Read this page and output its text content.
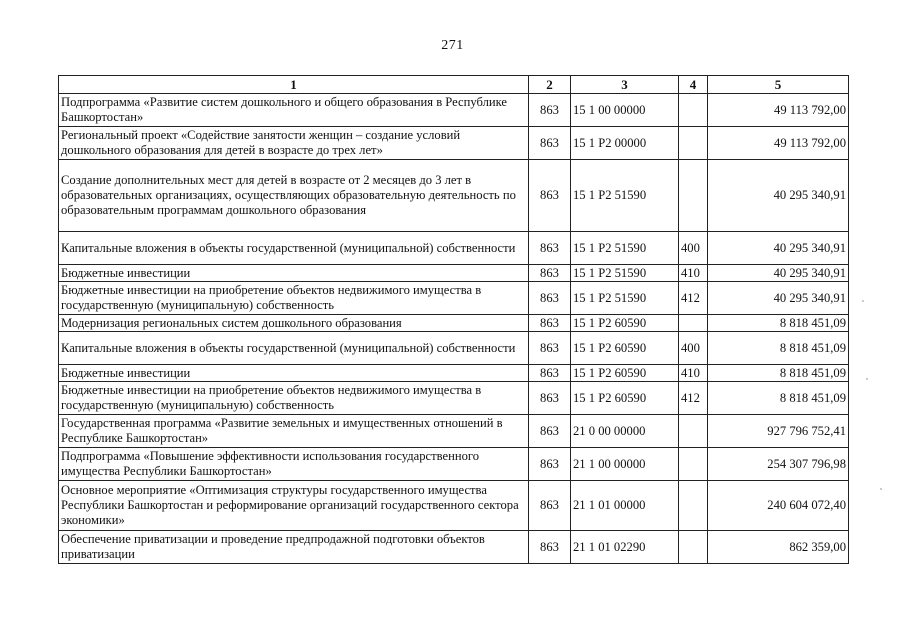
271
1	2	3	4	5
Подпрограмма «Развитие систем дошкольного и общего образования в Республике Башкортостан»	863	15 1 00 00000		49 113 792,00
Региональный проект «Содействие занятости женщин – создание условий дошкольного образования для детей в возрасте до трех лет»	863	15 1 P2 00000		49 113 792,00
Создание дополнительных мест для детей в возрасте от 2 месяцев до 3 лет в образовательных организациях, осуществляющих образовательную деятельность по образовательным программам дошкольного образования	863	15 1 P2 51590		40 295 340,91
Капитальные вложения в объекты государственной (муниципальной) собственности	863	15 1 P2 51590	400	40 295 340,91
Бюджетные инвестиции	863	15 1 P2 51590	410	40 295 340,91
Бюджетные инвестиции на приобретение объектов недвижимого имущества в государственную (муниципальную) собственность	863	15 1 P2 51590	412	40 295 340,91
Модернизация региональных систем дошкольного образования	863	15 1 P2 60590		8 818 451,09
Капитальные вложения в объекты государственной (муниципальной) собственности	863	15 1 P2 60590	400	8 818 451,09
Бюджетные инвестиции	863	15 1 P2 60590	410	8 818 451,09
Бюджетные инвестиции на приобретение объектов недвижимого имущества в государственную (муниципальную) собственность	863	15 1 P2 60590	412	8 818 451,09
Государственная программа «Развитие земельных и имущественных отношений в Республике Башкортостан»	863	21 0 00 00000		927 796 752,41
Подпрограмма «Повышение эффективности использования государственного имущества Республики Башкортостан»	863	21 1 00 00000		254 307 796,98
Основное мероприятие «Оптимизация структуры государственного имущества Республики Башкортостан и реформирование организаций государственного сектора экономики»	863	21 1 01 00000		240 604 072,40
Обеспечение приватизации и проведение предпродажной подготовки объектов приватизации	863	21 1 01 02290		862 359,00
